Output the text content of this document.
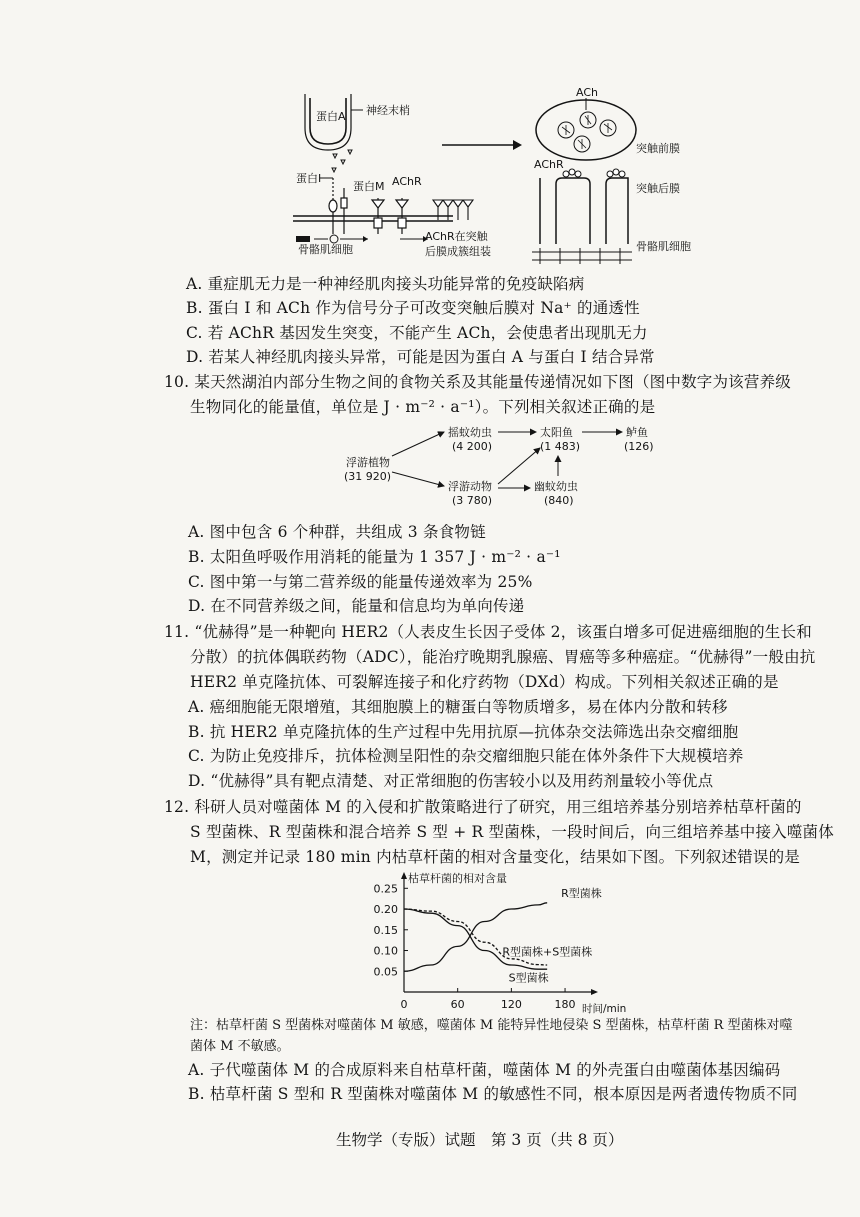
蛋白A 神经末梢
蛋白I
蛋白M AChR
骨骼肌细胞
AChR在突触
后膜成簇组装
ACh
突触前膜
AChR
突触后膜
骨骼肌细胞
A. 重症肌无力是一种神经肌肉接头功能异常的免疫缺陷病
B. 蛋白 I 和 ACh 作为信号分子可改变突触后膜对 Na⁺ 的通透性
C. 若 AChR 基因发生突变，不能产生 ACh，会使患者出现肌无力
D. 若某人神经肌肉接头异常，可能是因为蛋白 A 与蛋白 I 结合异常
10. 某天然湖泊内部分生物之间的食物关系及其能量传递情况如下图（图中数字为该营养级
生物同化的能量值，单位是 J · m⁻² · a⁻¹）。下列相关叙述正确的是
浮游植物
(31 920)
摇蚊幼虫
(4 200)
浮游动物
(3 780)
太阳鱼
(1 483)
幽蚊幼虫
(840)
鲈鱼
(126)
A. 图中包含 6 个种群，共组成 3 条食物链
B. 太阳鱼呼吸作用消耗的能量为 1 357 J · m⁻² · a⁻¹
C. 图中第一与第二营养级的能量传递效率为 25%
D. 在不同营养级之间，能量和信息均为单向传递
11. “优赫得”是一种靶向 HER2（人表皮生长因子受体 2，该蛋白增多可促进癌细胞的生长和
分散）的抗体偶联药物（ADC），能治疗晚期乳腺癌、胃癌等多种癌症。“优赫得”一般由抗
HER2 单克隆抗体、可裂解连接子和化疗药物（DXd）构成。下列相关叙述正确的是
A. 癌细胞能无限增殖，其细胞膜上的糖蛋白等物质增多，易在体内分散和转移
B. 抗 HER2 单克隆抗体的生产过程中先用抗原—抗体杂交法筛选出杂交瘤细胞
C. 为防止免疫排斥，抗体检测呈阳性的杂交瘤细胞只能在体外条件下大规模培养
D. “优赫得”具有靶点清楚、对正常细胞的伤害较小以及用药剂量较小等优点
12. 科研人员对噬菌体 M 的入侵和扩散策略进行了研究，用三组培养基分别培养枯草杆菌的
S 型菌株、R 型菌株和混合培养 S 型 + R 型菌株，一段时间后，向三组培养基中接入噬菌体
M，测定并记录 180 min 内枯草杆菌的相对含量变化，结果如下图。下列叙述错误的是
枯草杆菌的相对含量
时间/min
0.05
0.10
0.15
0.20
0.25
0	60	120	180
R型菌株
R型菌株+S型菌株
S型菌株
注：枯草杆菌 S 型菌株对噬菌体 M 敏感，噬菌体 M 能特异性地侵染 S 型菌株，枯草杆菌 R 型菌株对噬
菌体 M 不敏感。
A. 子代噬菌体 M 的合成原料来自枯草杆菌，噬菌体 M 的外壳蛋白由噬菌体基因编码
B. 枯草杆菌 S 型和 R 型菌株对噬菌体 M 的敏感性不同，根本原因是两者遗传物质不同
生物学（专版）试题　第 3 页（共 8 页）
